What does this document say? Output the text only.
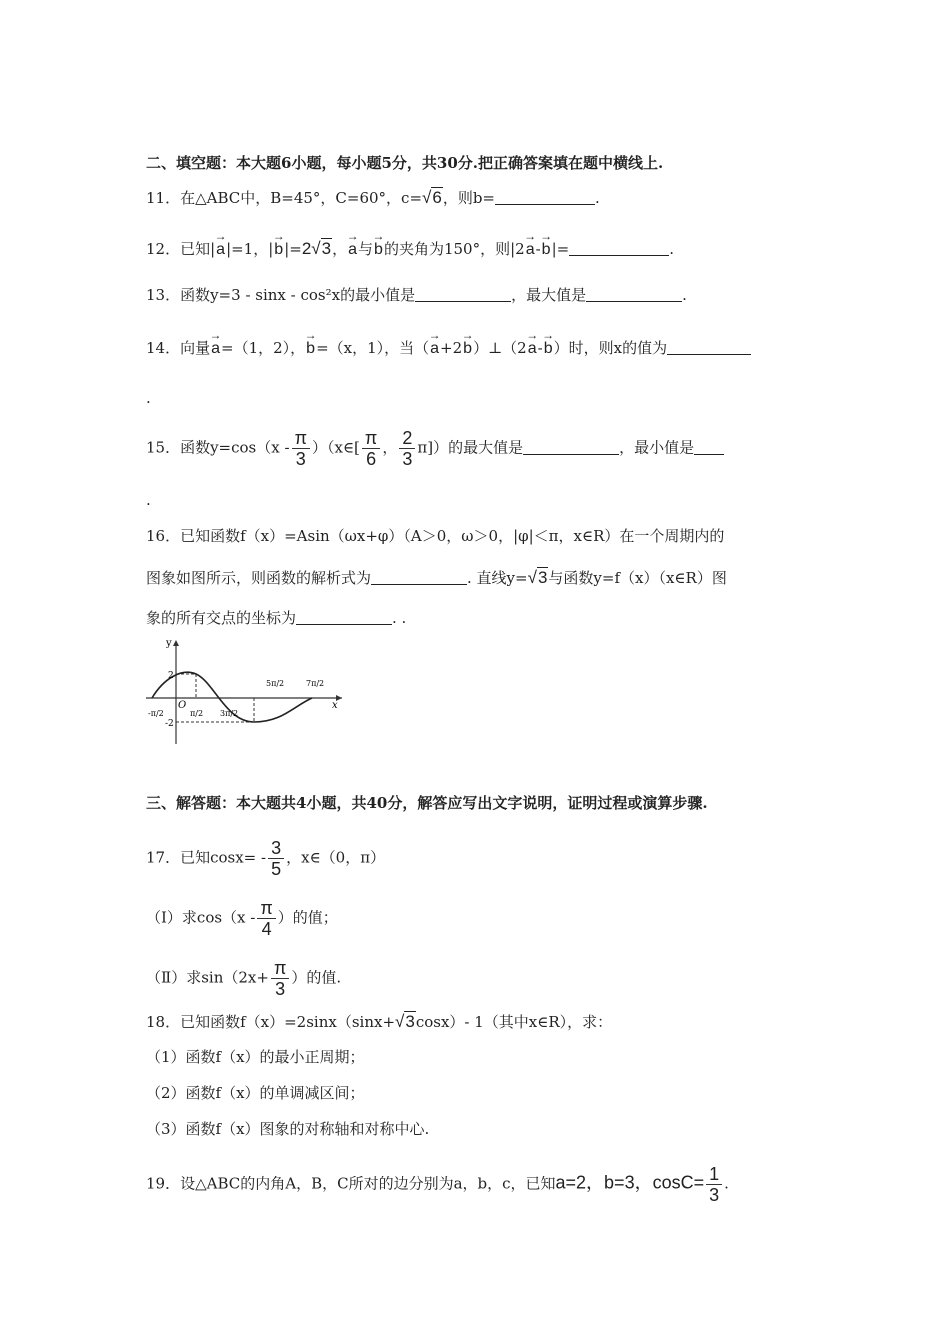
二、填空题：本大题6小题，每小题5分，共30分.把正确答案填在题中横线上.
11．在△ABC中，B=45°，C=60°，c=√6，则b=	.
12．已知|→ a|=1，|→ b|=2√3，→ a与→ b的夹角为150°，则|2→ a-→ b|=	.
13．函数y=3 - sinx - cos²x的最小值是	，最大值是	.
14．向量→ a=（1，2），→ b=（x，1），当（→ a+2→ b）⊥（2→ a-→ b）时，则x的值为
.
15．函数$y=\cos(x - \frac{\pi}{3}$ ）（x∈[ $\frac{\pi}{6}$ ， $\frac{2}{3} \pi$]）的最大值是	，最小值是
.
16．已知函数f（x）=Asin（ωx+φ）（A＞0，ω＞0，|φ|＜π，x∈R）在一个周期内的
图象如图所示，则函数的解析式为	. 直线y=√3与函数y=f（x）（x∈R）图
象的所有交点的坐标为	. .
y
x
O
2
-2
-π/2	π/2 3π/2
5π/2	7π/2
三、解答题：本大题共4小题，共40分，解答应写出文字说明，证明过程或演算步骤.
17．已知$\cos x= - \frac{3}{5}$ ，x∈（0，π）
（Ⅰ）求$\cos(x - \frac{\pi}{4}$ ）的值；
（Ⅱ）求$\sin(2x+ \frac{\pi}{3}$ ）的值.
18．已知函数f（x）=2sinx（sinx+√3cosx）- 1（其中x∈R），求：
（1）函数f（x）的最小正周期；
（2）函数f（x）的单调减区间；
（3）函数f（x）图象的对称轴和对称中心.
19．设△ABC的内角A，B，C所对的边分别为a，b，c，已知a=2，b=3，$\cos C= \frac{1}{3}$ .
